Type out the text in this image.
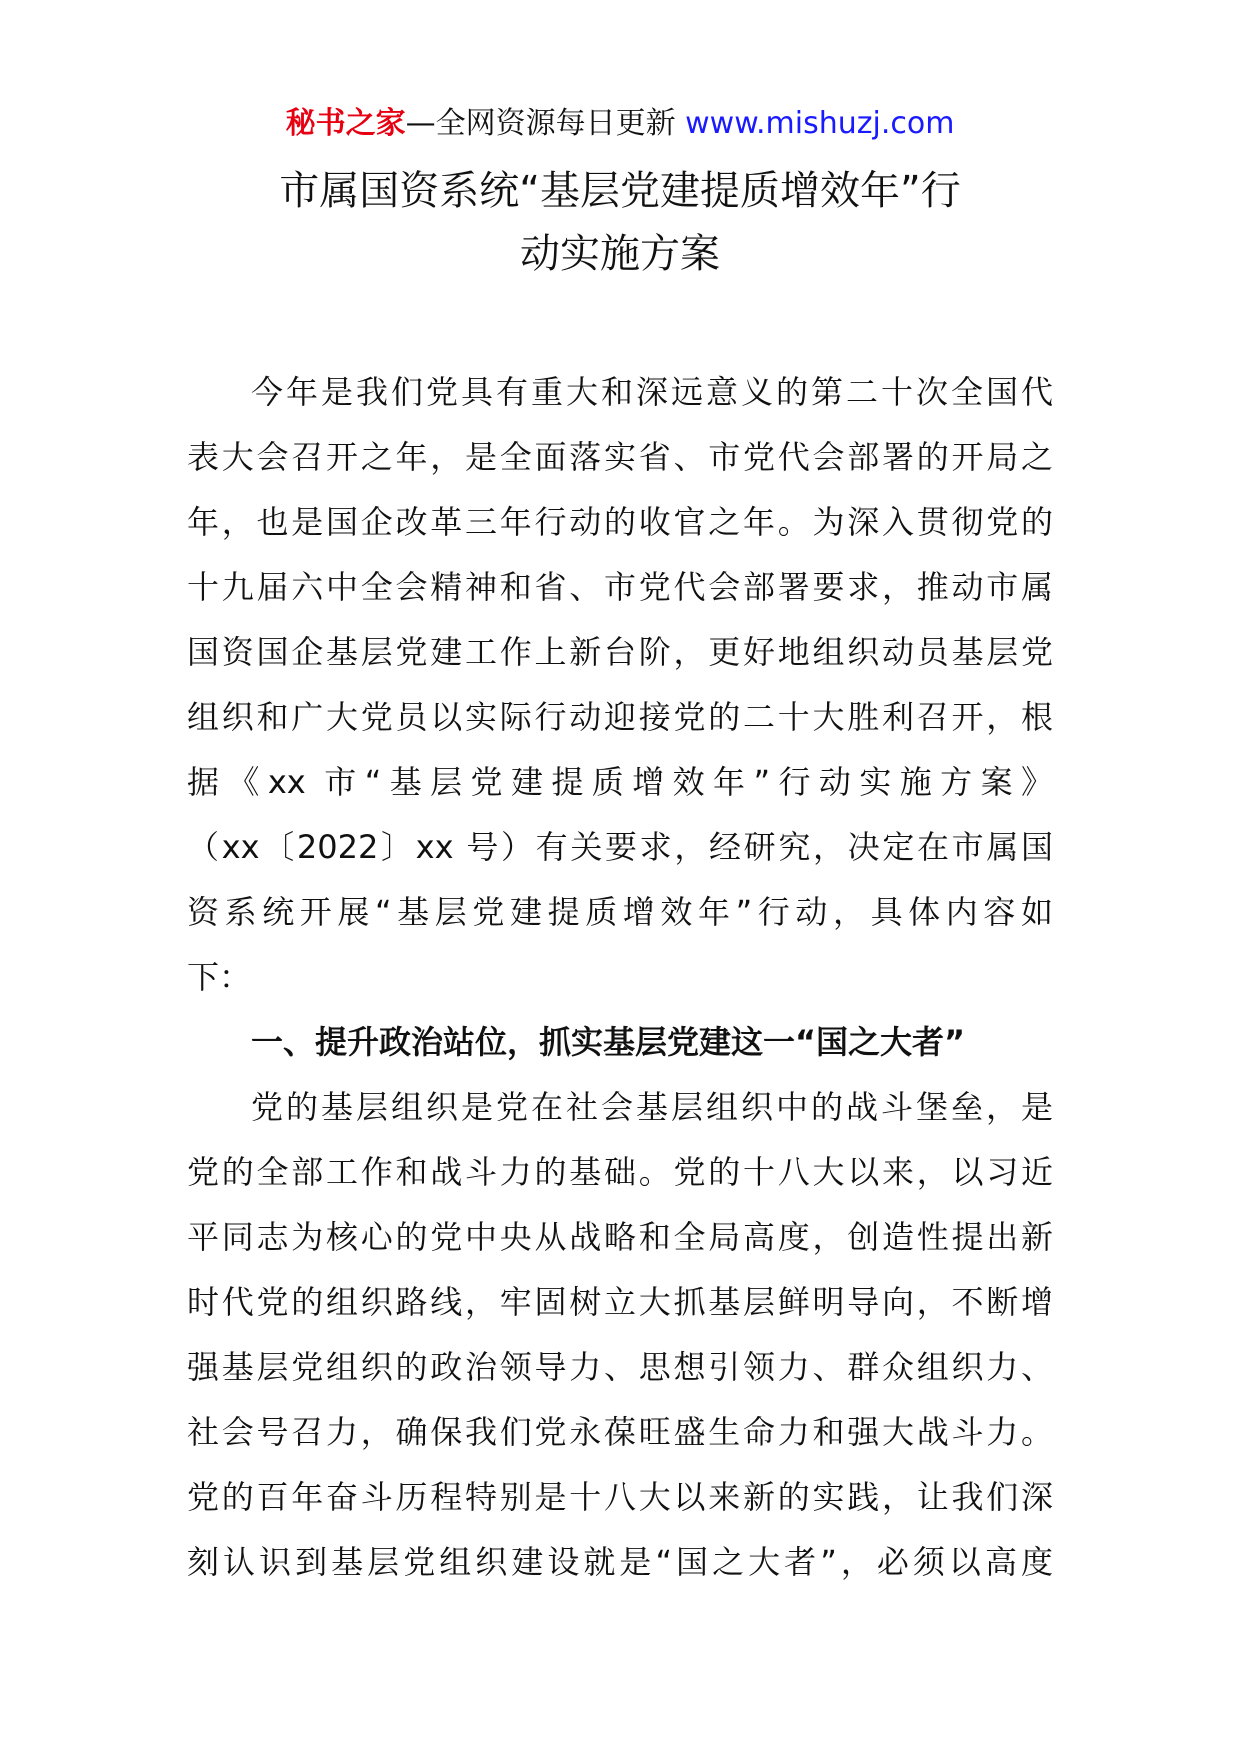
秘书之家—全网资源每日更新 www.mishuzj.com
市属国资系统“基层党建提质增效年”行
动实施方案
今年是我们党具有重大和深远意义的第二十次全国代
表大会召开之年，是全面落实省、市党代会部署的开局之
年，也是国企改革三年行动的收官之年。为深入贯彻党的
十九届六中全会精神和省、市党代会部署要求，推动市属
国资国企基层党建工作上新台阶，更好地组织动员基层党
组织和广大党员以实际行动迎接党的二十大胜利召开，根
据《xx 市“基层党建提质增效年”行动实施方案》
（xx〔2022〕xx 号）有关要求，经研究，决定在市属国
资系统开展“基层党建提质增效年”行动，具体内容如
下：
一、提升政治站位，抓实基层党建这一“国之大者”
党的基层组织是党在社会基层组织中的战斗堡垒，是
党的全部工作和战斗力的基础。党的十八大以来，以习近
平同志为核心的党中央从战略和全局高度，创造性提出新
时代党的组织路线，牢固树立大抓基层鲜明导向，不断增
强基层党组织的政治领导力、思想引领力、群众组织力、
社会号召力，确保我们党永葆旺盛生命力和强大战斗力。
党的百年奋斗历程特别是十八大以来新的实践，让我们深
刻认识到基层党组织建设就是“国之大者”，必须以高度
